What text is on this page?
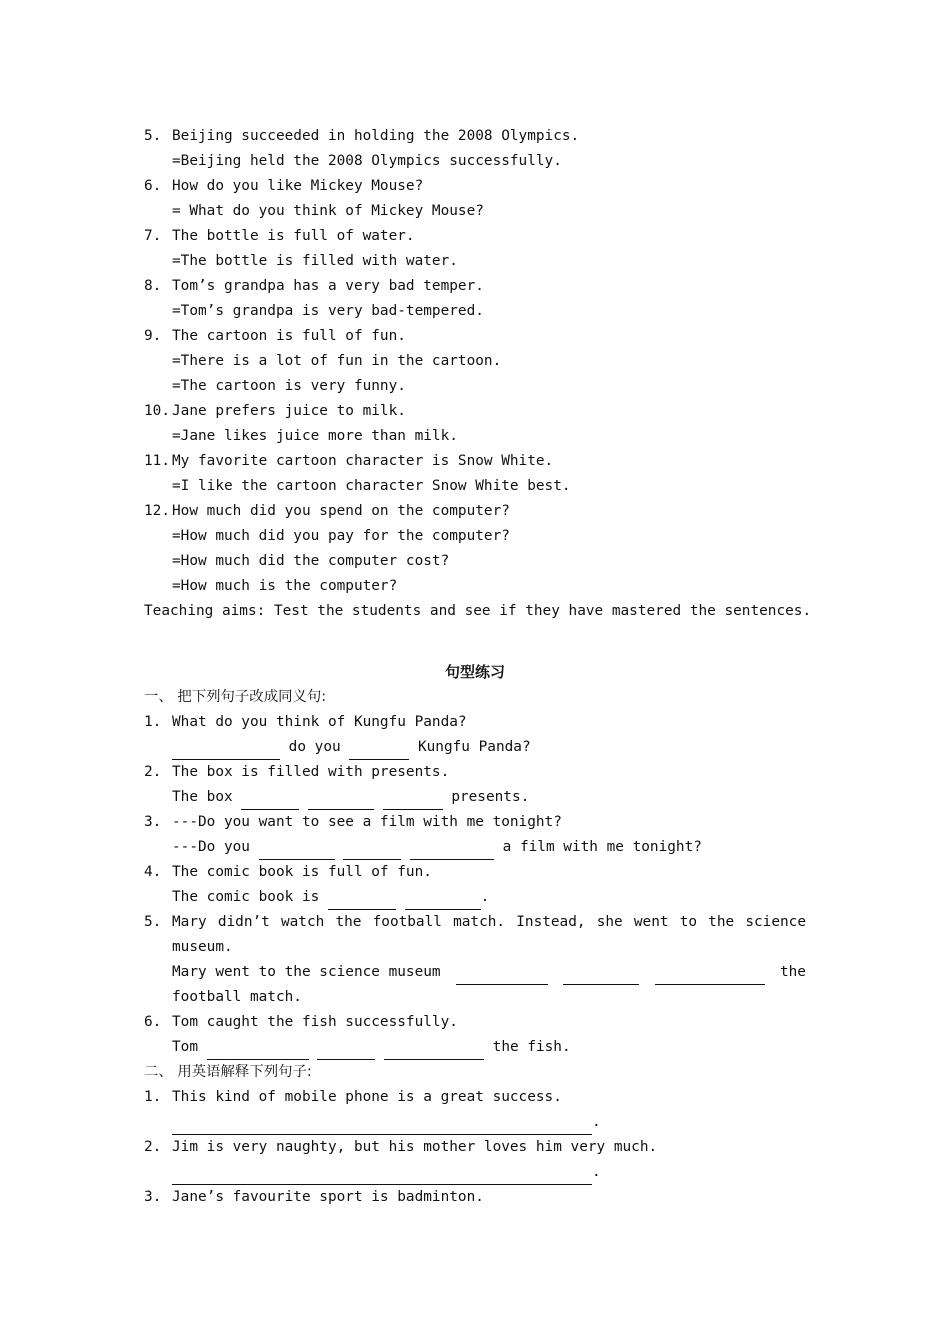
5. Beijing succeeded in holding the 2008 Olympics.
=Beijing held the 2008 Olympics successfully.
6. How do you like Mickey Mouse?
= What do you think of Mickey Mouse?
7. The bottle is full of water.
=The bottle is filled with water.
8. Tom’s grandpa has a very bad temper.
=Tom’s grandpa is very bad-tempered.
9. The cartoon is full of fun.
=There is a lot of fun in the cartoon.
=The cartoon is very funny.
10. Jane prefers juice to milk.
=Jane likes juice more than milk.
11. My favorite cartoon character is Snow White.
=I like the cartoon character Snow White best.
12. How much did you spend on the computer?
=How much did you pay for the computer?
=How much did the computer cost?
=How much is the computer?
Teaching aims: Test the students and see if they have mastered the sentences.
句型练习
一、 把下列句子改成同义句:
1. What do you think of Kungfu Panda?
do you	Kungfu Panda?
2. The box is filled with presents.
The box

	presents.
3. ---Do you want to see a film with me tonight?
---Do you

	a film with me tonight?
4. The comic book is full of fun.
The comic book is
	.
5. Mary didn’t watch the football match. Instead, she went to the science
museum.
Mary went to the science museum	the
football match.
6. Tom caught the fish successfully.
Tom

	the fish.
二、 用英语解释下列句子:
1. This kind of mobile phone is a great success.
.
2. Jim is very naughty, but his mother loves him very much.
.
3. Jane’s favourite sport is badminton.
